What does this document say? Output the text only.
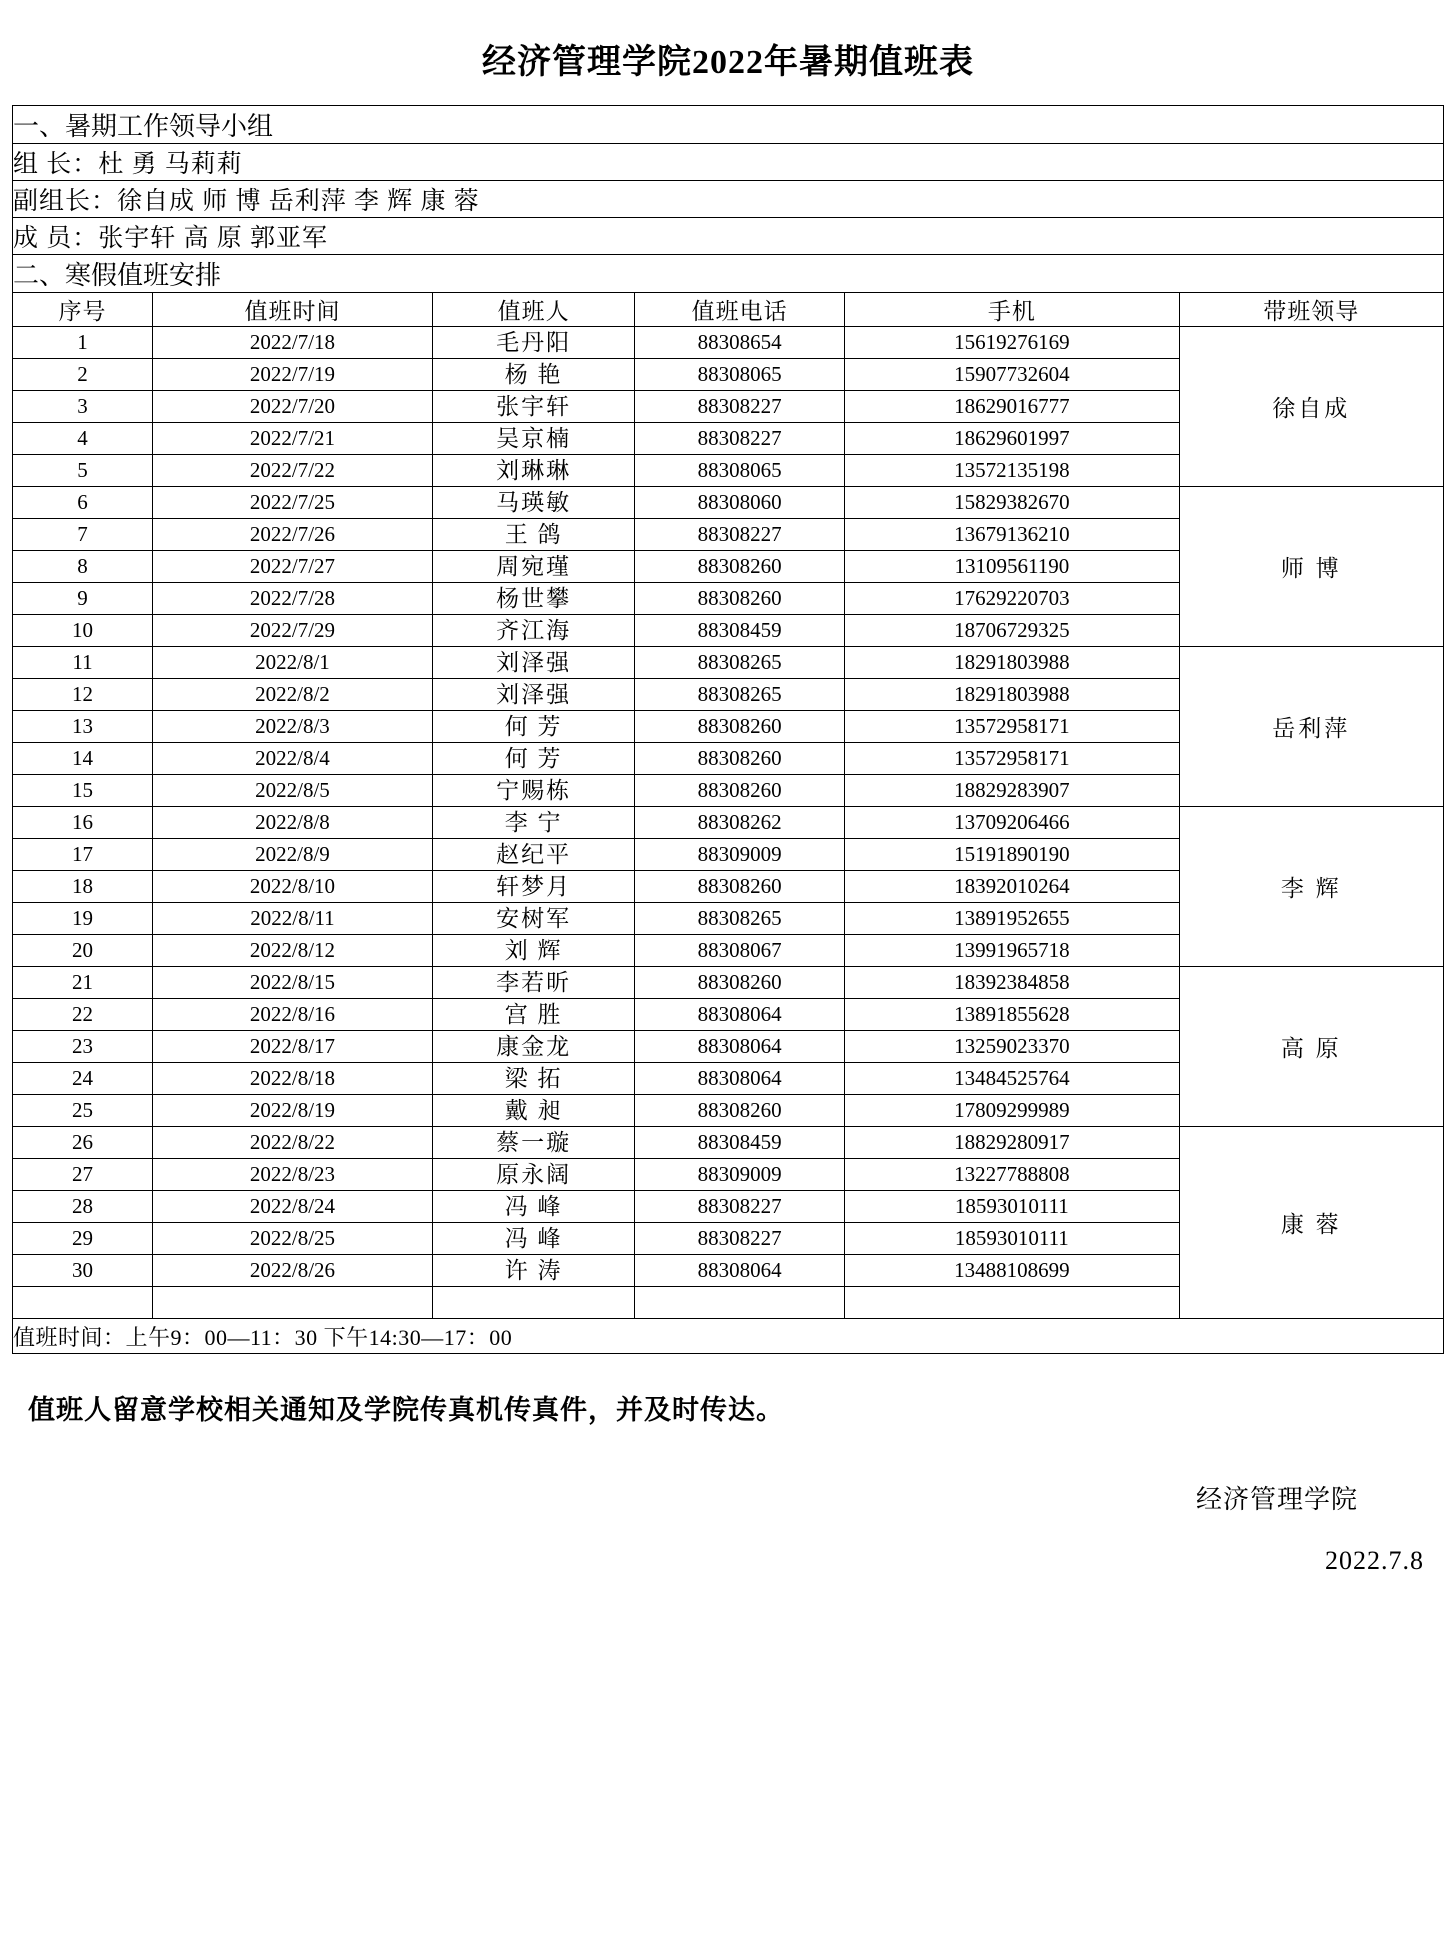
经济管理学院2022年暑期值班表
一、暑期工作领导小组					
组 长：杜 勇 马莉莉					
副组长：徐自成 师 博 岳利萍 李 辉 康 蓉					
成 员：张宇轩 高 原 郭亚军					
二、寒假值班安排					
序号	值班时间	值班人	值班电话	手机	带班领导
1	2022/7/18	毛丹阳	88308654	15619276169	徐自成
2	2022/7/19	杨 艳	88308065	15907732604	
3	2022/7/20	张宇轩	88308227	18629016777	
4	2022/7/21	吴京楠	88308227	18629601997	
5	2022/7/22	刘琳琳	88308065	13572135198	
6	2022/7/25	马瑛敏	88308060	15829382670	师 博
7	2022/7/26	王 鸽	88308227	13679136210	
8	2022/7/27	周宛瑾	88308260	13109561190	
9	2022/7/28	杨世攀	88308260	17629220703	
10	2022/7/29	齐江海	88308459	18706729325	
11	2022/8/1	刘泽强	88308265	18291803988	岳利萍
12	2022/8/2	刘泽强	88308265	18291803988	
13	2022/8/3	何 芳	88308260	13572958171	
14	2022/8/4	何 芳	88308260	13572958171	
15	2022/8/5	宁赐栋	88308260	18829283907	
16	2022/8/8	李 宁	88308262	13709206466	李 辉
17	2022/8/9	赵纪平	88309009	15191890190	
18	2022/8/10	轩梦月	88308260	18392010264	
19	2022/8/11	安树军	88308265	13891952655	
20	2022/8/12	刘 辉	88308067	13991965718	
21	2022/8/15	李若昕	88308260	18392384858	高 原
22	2022/8/16	宫 胜	88308064	13891855628	
23	2022/8/17	康金龙	88308064	13259023370	
24	2022/8/18	梁 拓	88308064	13484525764	
25	2022/8/19	戴 昶	88308260	17809299989	
26	2022/8/22	蔡一璇	88308459	18829280917	康 蓉
27	2022/8/23	原永阔	88309009	13227788808	
28	2022/8/24	冯 峰	88308227	18593010111	
29	2022/8/25	冯 峰	88308227	18593010111	
30	2022/8/26	许 涛	88308064	13488108699	

值班时间：上午9：00—11：30 下午14:30—17：00					
值班人留意学校相关通知及学院传真机传真件，并及时传达。
经济管理学院
2022.7.8
